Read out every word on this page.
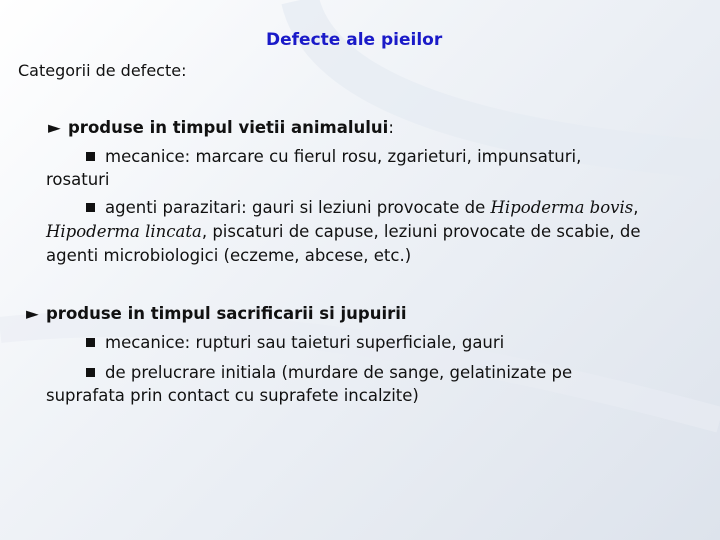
Defecte ale pieilor
Categorii de defecte:
► produse in timpul vietii animalului:
mecanice: marcare cu fierul rosu, zgarieturi, impunsaturi,
rosaturi
agenti parazitari: gauri si leziuni provocate de Hipoderma bovis,
Hipoderma lincata, piscaturi de capuse, leziuni provocate de scabie, de
agenti microbiologici (eczeme, abcese, etc.)
► produse in timpul sacrificarii si jupuirii
mecanice: rupturi sau taieturi superficiale, gauri
de prelucrare initiala (murdare de sange, gelatinizate pe
suprafata prin contact cu suprafete incalzite)
